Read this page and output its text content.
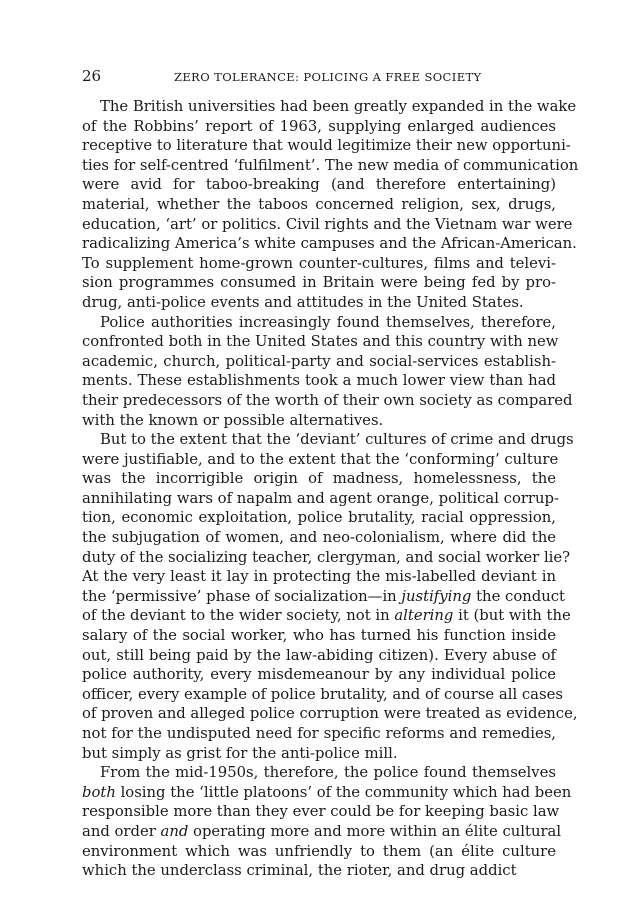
26	ZERO TOLERANCE: POLICING A FREE SOCIETY
The British universities had been greatly expanded in the wake
of the Robbins’ report of 1963, supplying enlarged audiences
receptive to literature that would legitimize their new opportuni-
ties for self-centred ‘fulfilment’. The new media of communication
were avid for taboo-breaking (and therefore entertaining)
material, whether the taboos concerned religion, sex, drugs,
education, ‘art’ or politics. Civil rights and the Vietnam war were
radicalizing America’s white campuses and the African-American.
To supplement home-grown counter-cultures, films and televi-
sion programmes consumed in Britain were being fed by pro-
drug, anti-police events and attitudes in the United States.
Police authorities increasingly found themselves, therefore,
confronted both in the United States and this country with new
academic, church, political-party and social-services establish-
ments. These establishments took a much lower view than had
their predecessors of the worth of their own society as compared
with the known or possible alternatives.
But to the extent that the ‘deviant’ cultures of crime and drugs
were justifiable, and to the extent that the ‘conforming’ culture
was the incorrigible origin of madness, homelessness, the
annihilating wars of napalm and agent orange, political corrup-
tion, economic exploitation, police brutality, racial oppression,
the subjugation of women, and neo-colonialism, where did the
duty of the socializing teacher, clergyman, and social worker lie?
At the very least it lay in protecting the mis-labelled deviant in
the ‘permissive’ phase of socialization—in justifying the conduct
of the deviant to the wider society, not in altering it (but with the
salary of the social worker, who has turned his function inside
out, still being paid by the law-abiding citizen). Every abuse of
police authority, every misdemeanour by any individual police
officer, every example of police brutality, and of course all cases
of proven and alleged police corruption were treated as evidence,
not for the undisputed need for specific reforms and remedies,
but simply as grist for the anti-police mill.
From the mid-1950s, therefore, the police found themselves
both losing the ‘little platoons’ of the community which had been
responsible more than they ever could be for keeping basic law
and order and operating more and more within an élite cultural
environment which was unfriendly to them (an élite culture
which the underclass criminal, the rioter, and drug addict
